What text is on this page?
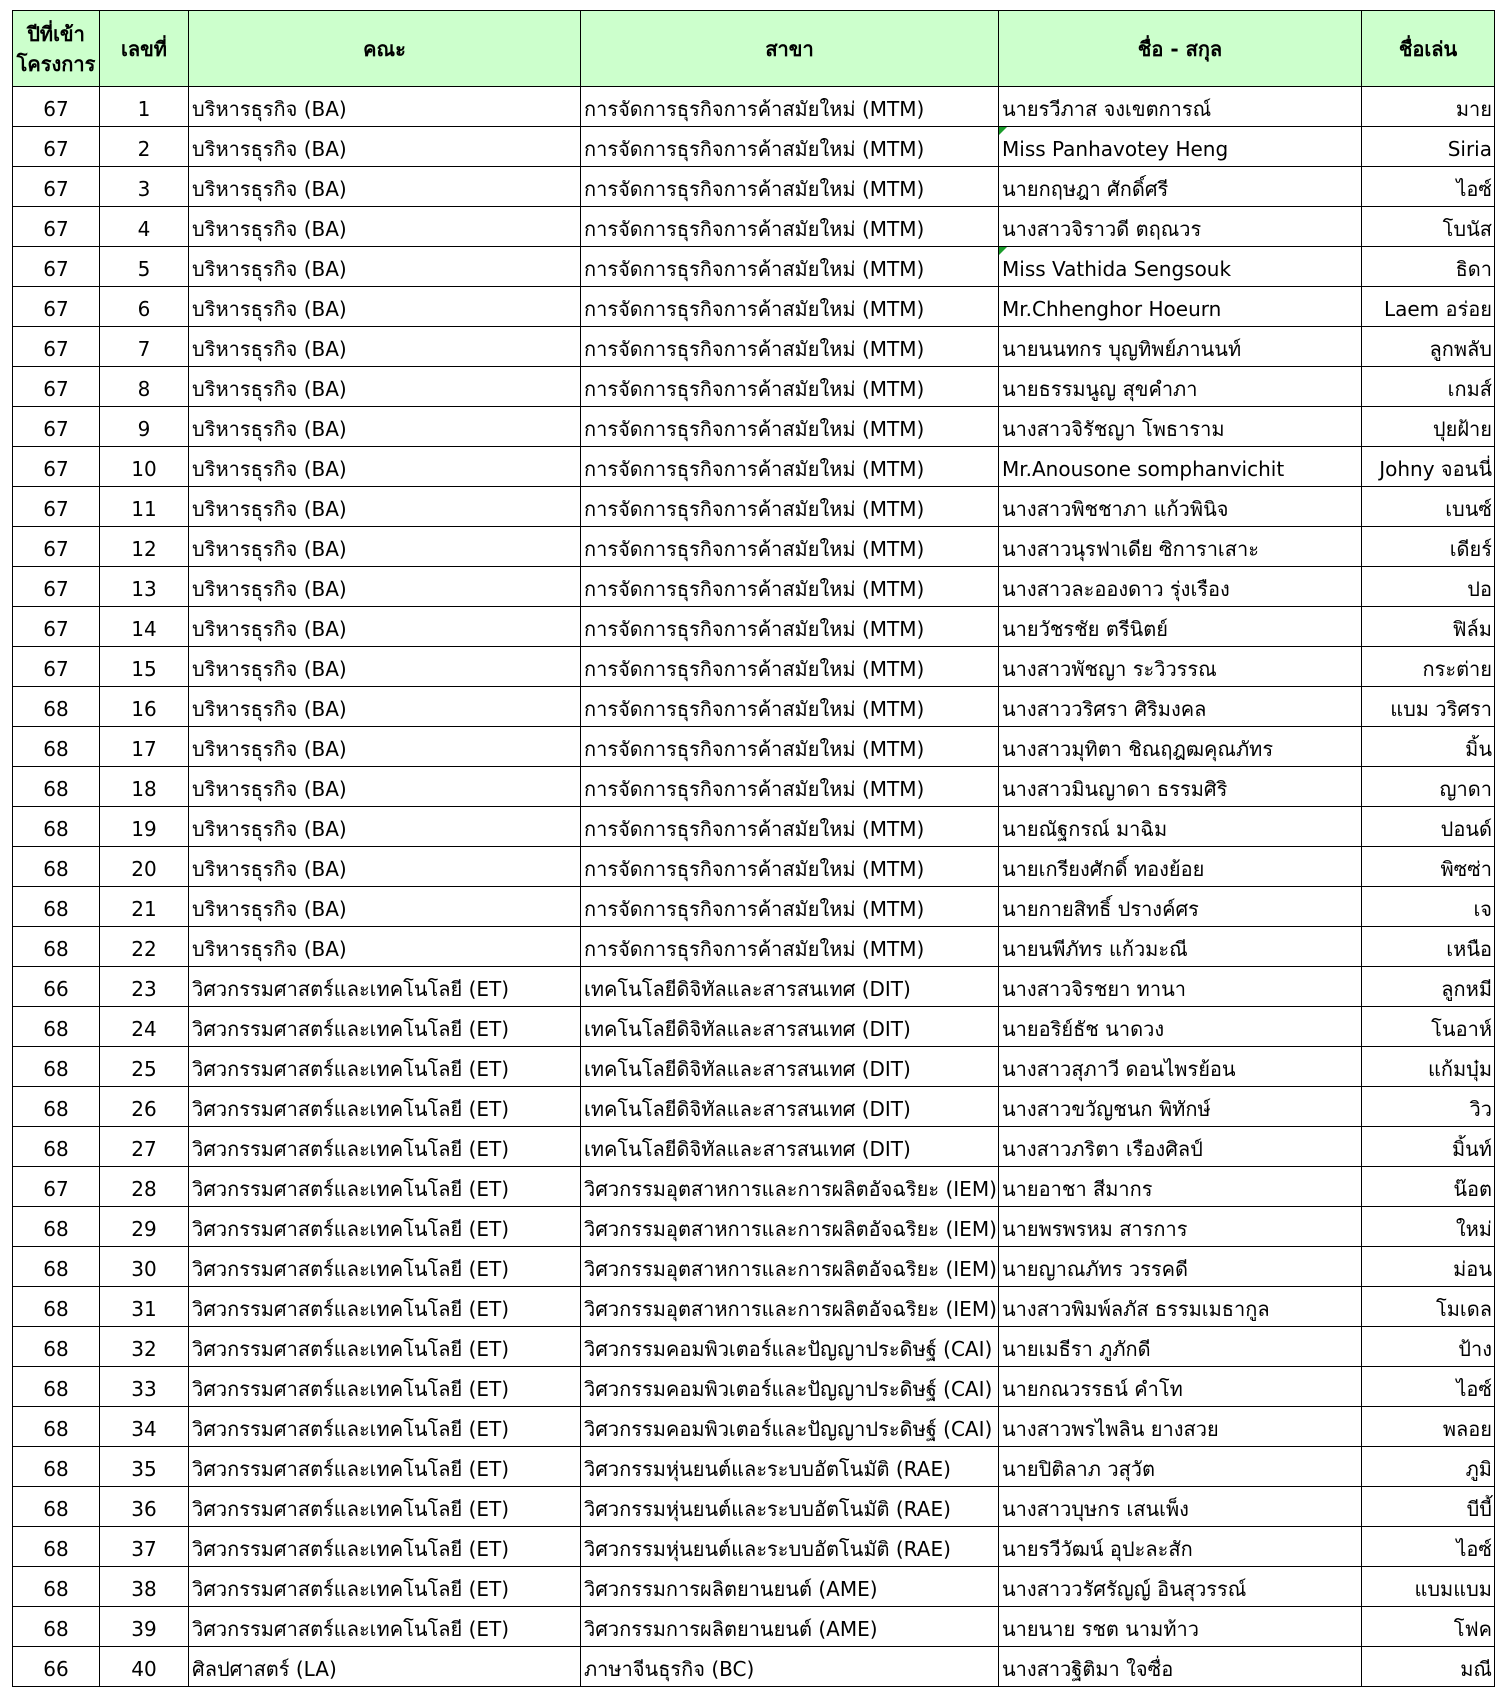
ปีที่เข้า
โครงการ	เลขที่	คณะ	สาขา	ชื่อ - สกุล	ชื่อเล่น
67	1	บริหารธุรกิจ (BA)	การจัดการธุรกิจการค้าสมัยใหม่ (MTM)	นายรวีภาส จงเขตการณ์	มาย
67	2	บริหารธุรกิจ (BA)	การจัดการธุรกิจการค้าสมัยใหม่ (MTM)	Miss Panhavotey Heng	Siria
67	3	บริหารธุรกิจ (BA)	การจัดการธุรกิจการค้าสมัยใหม่ (MTM)	นายกฤษฎา ศักดิ์ศรี	ไอซ์
67	4	บริหารธุรกิจ (BA)	การจัดการธุรกิจการค้าสมัยใหม่ (MTM)	นางสาวจิราวดี ตฤณวร	โบนัส
67	5	บริหารธุรกิจ (BA)	การจัดการธุรกิจการค้าสมัยใหม่ (MTM)	Miss Vathida Sengsouk	ธิดา
67	6	บริหารธุรกิจ (BA)	การจัดการธุรกิจการค้าสมัยใหม่ (MTM)	Mr.Chhenghor Hoeurn	Laem อร่อย
67	7	บริหารธุรกิจ (BA)	การจัดการธุรกิจการค้าสมัยใหม่ (MTM)	นายนนทกร บุญทิพย์ภานนท์	ลูกพลับ
67	8	บริหารธุรกิจ (BA)	การจัดการธุรกิจการค้าสมัยใหม่ (MTM)	นายธรรมนูญ สุขคำภา	เกมส์
67	9	บริหารธุรกิจ (BA)	การจัดการธุรกิจการค้าสมัยใหม่ (MTM)	นางสาวจิรัชญา โพธาราม	ปุยฝ้าย
67	10	บริหารธุรกิจ (BA)	การจัดการธุรกิจการค้าสมัยใหม่ (MTM)	Mr.Anousone somphanvichit	Johny จอนนี่
67	11	บริหารธุรกิจ (BA)	การจัดการธุรกิจการค้าสมัยใหม่ (MTM)	นางสาวพิชชาภา แก้วพินิจ	เบนซ์
67	12	บริหารธุรกิจ (BA)	การจัดการธุรกิจการค้าสมัยใหม่ (MTM)	นางสาวนุรฟาเดีย ซิการาเสาะ	เดียร์
67	13	บริหารธุรกิจ (BA)	การจัดการธุรกิจการค้าสมัยใหม่ (MTM)	นางสาวละอองดาว รุ่งเรือง	ปอ
67	14	บริหารธุรกิจ (BA)	การจัดการธุรกิจการค้าสมัยใหม่ (MTM)	นายวัชรชัย ตรีนิตย์	ฟิล์ม
67	15	บริหารธุรกิจ (BA)	การจัดการธุรกิจการค้าสมัยใหม่ (MTM)	นางสาวพัชญา ระวิวรรณ	กระต่าย
68	16	บริหารธุรกิจ (BA)	การจัดการธุรกิจการค้าสมัยใหม่ (MTM)	นางสาววริศรา ศิริมงคล	แบม วริศรา
68	17	บริหารธุรกิจ (BA)	การจัดการธุรกิจการค้าสมัยใหม่ (MTM)	นางสาวมุทิตา ชิณฤฎฒคุณภัทร	มิ้น
68	18	บริหารธุรกิจ (BA)	การจัดการธุรกิจการค้าสมัยใหม่ (MTM)	นางสาวมินญาดา ธรรมศิริ	ญาดา
68	19	บริหารธุรกิจ (BA)	การจัดการธุรกิจการค้าสมัยใหม่ (MTM)	นายณัฐกรณ์ มาฉิม	ปอนด์
68	20	บริหารธุรกิจ (BA)	การจัดการธุรกิจการค้าสมัยใหม่ (MTM)	นายเกรียงศักดิ์ ทองย้อย	พิซซ่า
68	21	บริหารธุรกิจ (BA)	การจัดการธุรกิจการค้าสมัยใหม่ (MTM)	นายกายสิทธิ์ ปรางค์ศร	เจ
68	22	บริหารธุรกิจ (BA)	การจัดการธุรกิจการค้าสมัยใหม่ (MTM)	นายนพีภัทร แก้วมะณี	เหนือ
66	23	วิศวกรรมศาสตร์และเทคโนโลยี (ET)	เทคโนโลยีดิจิทัลและสารสนเทศ (DIT)	นางสาวจิรชยา ทานา	ลูกหมี
68	24	วิศวกรรมศาสตร์และเทคโนโลยี (ET)	เทคโนโลยีดิจิทัลและสารสนเทศ (DIT)	นายอริย์ธัช นาดวง	โนอาห์
68	25	วิศวกรรมศาสตร์และเทคโนโลยี (ET)	เทคโนโลยีดิจิทัลและสารสนเทศ (DIT)	นางสาวสุภาวี ดอนไพรย้อน	แก้มบุ๋ม
68	26	วิศวกรรมศาสตร์และเทคโนโลยี (ET)	เทคโนโลยีดิจิทัลและสารสนเทศ (DIT)	นางสาวขวัญชนก พิทักษ์	วิว
68	27	วิศวกรรมศาสตร์และเทคโนโลยี (ET)	เทคโนโลยีดิจิทัลและสารสนเทศ (DIT)	นางสาวภริตา เรืองศิลป์	มิ้นท์
67	28	วิศวกรรมศาสตร์และเทคโนโลยี (ET)	วิศวกรรมอุตสาหการและการผลิตอัจฉริยะ (IEM)	นายอาชา สีมากร	น๊อต
68	29	วิศวกรรมศาสตร์และเทคโนโลยี (ET)	วิศวกรรมอุตสาหการและการผลิตอัจฉริยะ (IEM)	นายพรพรหม สารการ	ใหม่
68	30	วิศวกรรมศาสตร์และเทคโนโลยี (ET)	วิศวกรรมอุตสาหการและการผลิตอัจฉริยะ (IEM)	นายญาณภัทร วรรคดี	ม่อน
68	31	วิศวกรรมศาสตร์และเทคโนโลยี (ET)	วิศวกรรมอุตสาหการและการผลิตอัจฉริยะ (IEM)	นางสาวพิมพ์ลภัส ธรรมเมธากูล	โมเดล
68	32	วิศวกรรมศาสตร์และเทคโนโลยี (ET)	วิศวกรรมคอมพิวเตอร์และปัญญาประดิษฐ์ (CAI)	นายเมธีรา ภูภักดี	ป้าง
68	33	วิศวกรรมศาสตร์และเทคโนโลยี (ET)	วิศวกรรมคอมพิวเตอร์และปัญญาประดิษฐ์ (CAI)	นายกณวรรธน์ คำโท	ไอซ์
68	34	วิศวกรรมศาสตร์และเทคโนโลยี (ET)	วิศวกรรมคอมพิวเตอร์และปัญญาประดิษฐ์ (CAI)	นางสาวพรไพลิน ยางสวย	พลอย
68	35	วิศวกรรมศาสตร์และเทคโนโลยี (ET)	วิศวกรรมหุ่นยนต์และระบบอัตโนมัติ (RAE)	นายปิติลาภ วสุวัต	ภูมิ
68	36	วิศวกรรมศาสตร์และเทคโนโลยี (ET)	วิศวกรรมหุ่นยนต์และระบบอัตโนมัติ (RAE)	นางสาวบุษกร เสนเพ็ง	บีบี้
68	37	วิศวกรรมศาสตร์และเทคโนโลยี (ET)	วิศวกรรมหุ่นยนต์และระบบอัตโนมัติ (RAE)	นายรวีวัฒน์ อุปะละสัก	ไอซ์
68	38	วิศวกรรมศาสตร์และเทคโนโลยี (ET)	วิศวกรรมการผลิตยานยนต์ (AME)	นางสาววรัศรัญญ์ อินสุวรรณ์	แบมแบม
68	39	วิศวกรรมศาสตร์และเทคโนโลยี (ET)	วิศวกรรมการผลิตยานยนต์ (AME)	นายนาย รชต นามท้าว	โฟค
66	40	ศิลปศาสตร์ (LA)	ภาษาจีนธุรกิจ (BC)	นางสาวฐิติมา ใจซื่อ	มณี
